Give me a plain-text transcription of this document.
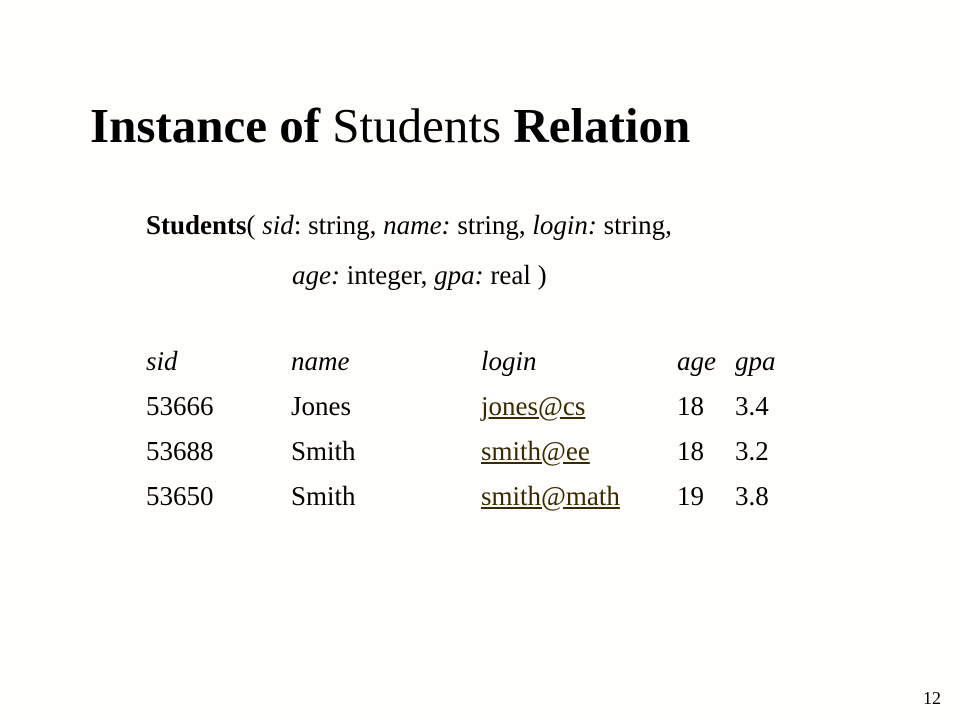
Instance of Students Relation
Students( sid: string, name: string, login: string,
age: integer, gpa: real )
sid	name	login	age	gpa
53666	Jones	jones@cs	18	3.4
53688	Smith	smith@ee	18	3.2
53650	Smith	smith@math	19	3.8
12
